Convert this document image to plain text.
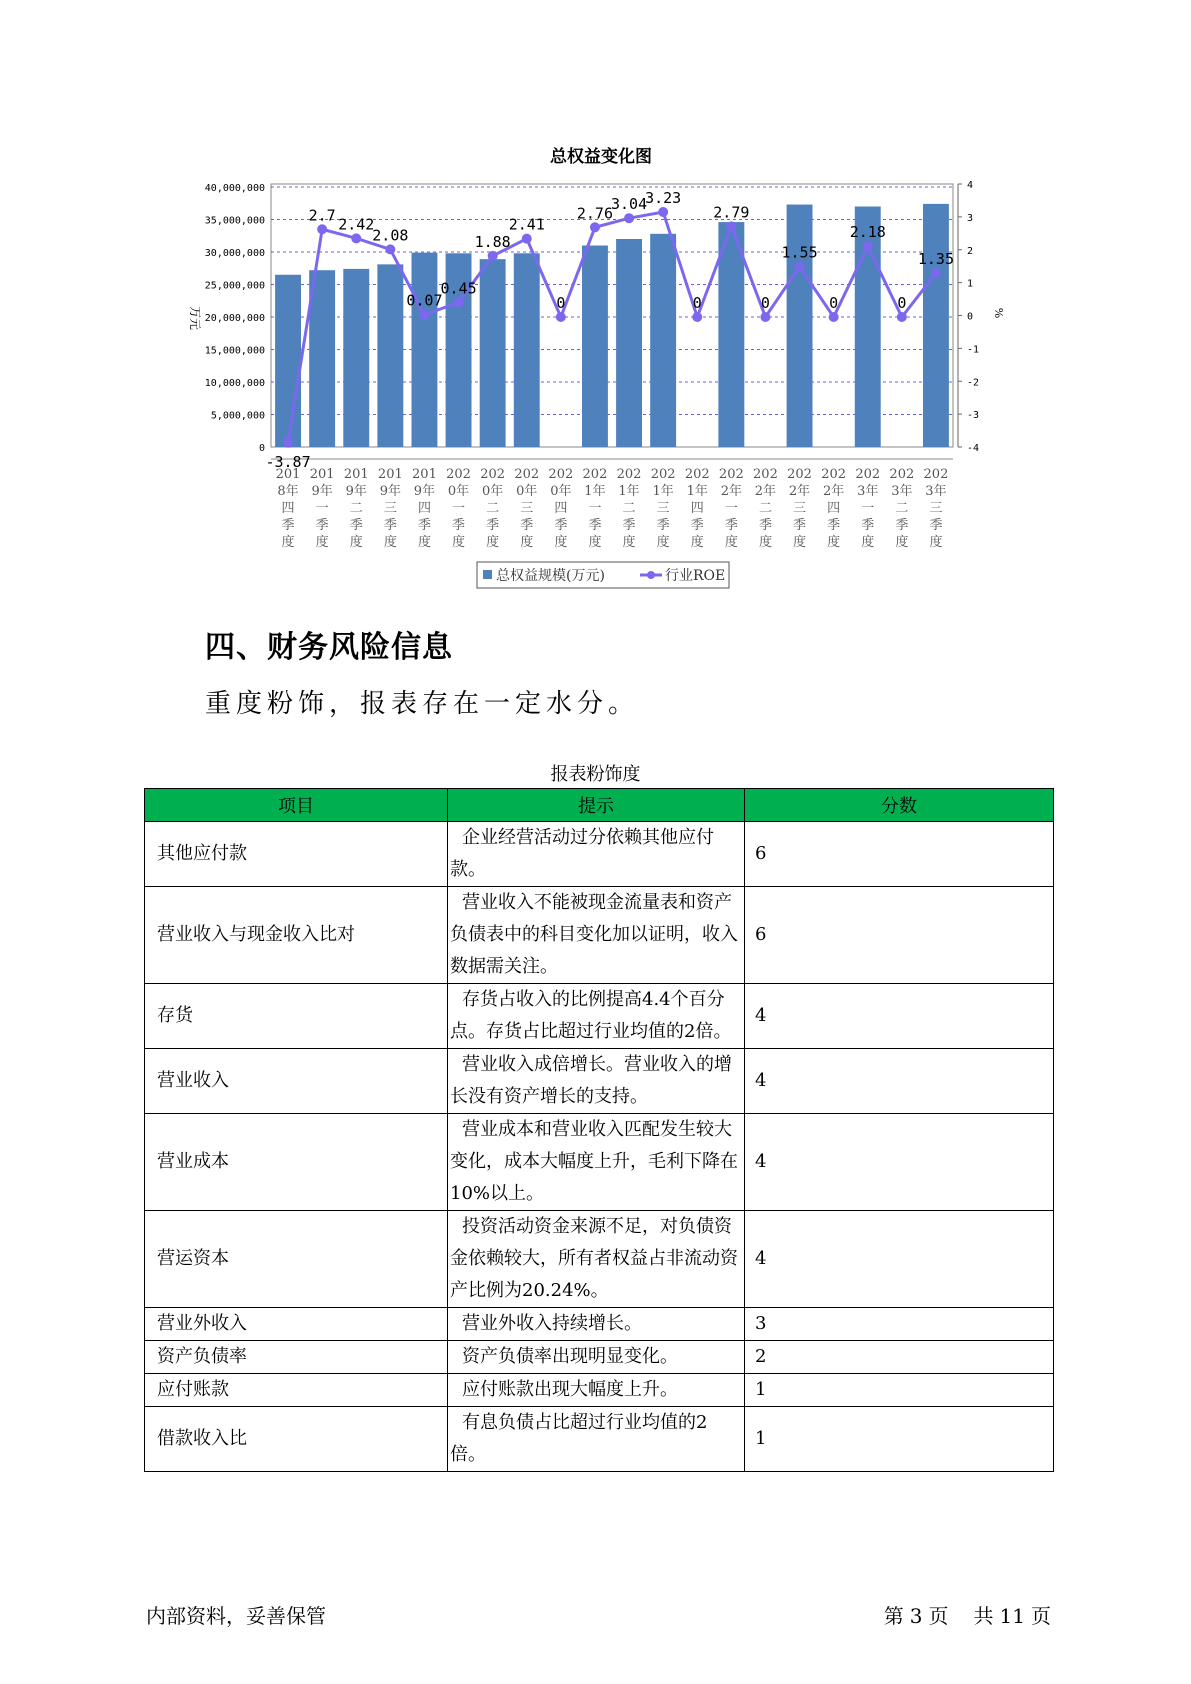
总权益变化图
40,000,000
35,000,000
30,000,000
25,000,000
20,000,000
15,000,000
10,000,000
5,000,000
0
4
3
2
1
0
-1
-2
-3
-4
万元	%
-3.87
2.7
2.42
2.08
0.07
0.45
1.88
2.41
0
2.76
3.04
3.23
0
2.79
0
1.55
0
2.18
0
1.35
201 8年四季度
201 9年一季度
201 9年二季度
201 9年三季度
201 9年四季度
202 0年一季度
202 0年二季度
202 0年三季度
202 0年四季度
202 1年一季度
202 1年二季度
202 1年三季度
202 1年四季度
202 2年一季度
202 2年二季度
202 2年三季度
202 2年四季度
202 3年一季度
202 3年二季度
202 3年三季度
总权益规模(万元)	行业ROE
四、财务风险信息
重度粉饰，报表存在一定水分。
报表粉饰度
项目	提示	分数
其他应付款	企业经营活动过分依赖其他应付款。	6
营业收入与现金收入比对	营业收入不能被现金流量表和资产负债表中的科目变化加以证明，收入数据需关注。	6
存货	存货占收入的比例提高4.4个百分点。存货占比超过行业均值的2倍。	4
营业收入	营业收入成倍增长。营业收入的增长没有资产增长的支持。	4
营业成本	营业成本和营业收入匹配发生较大变化，成本大幅度上升，毛利下降在10%以上。	4
营运资本	投资活动资金来源不足，对负债资金依赖较大，所有者权益占非流动资产比例为20.24%。	4
营业外收入	营业外收入持续增长。	3
资产负债率	资产负债率出现明显变化。	2
应付账款	应付账款出现大幅度上升。	1
借款收入比	有息负债占比超过行业均值的2倍。	1
内部资料，妥善保管	第 3 页 共 11 页
